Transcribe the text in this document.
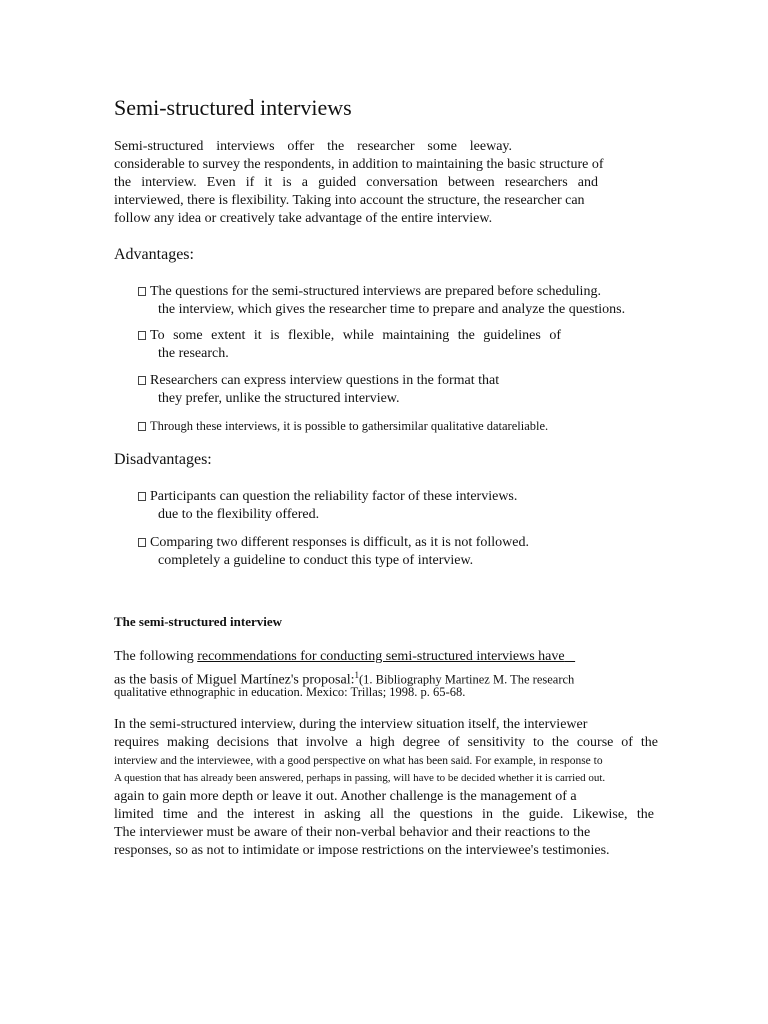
Semi-structured interviews
Semi-structured interviews offer the researcher some leeway.
considerable to survey the respondents, in addition to maintaining the basic structure of
the interview. Even if it is a guided conversation between researchers and
interviewed, there is flexibility. Taking into account the structure, the researcher can
follow any idea or creatively take advantage of the entire interview.
Advantages:
The questions for the semi-structured interviews are prepared before scheduling.
the interview, which gives the researcher time to prepare and analyze the questions.
To some extent it is flexible, while maintaining the guidelines of
the research.
Researchers can express interview questions in the format that
they prefer, unlike the structured interview.
Through these interviews, it is possible to gathersimilar qualitative datareliable.
Disadvantages:
Participants can question the reliability factor of these interviews.
due to the flexibility offered.
Comparing two different responses is difficult, as it is not followed.
completely a guideline to conduct this type of interview.
The semi-structured interview
The following recommendations for conducting semi-structured interviews have
as the basis of Miguel Martínez's proposal:$^1$(1. Bibliography Martinez M. The research
qualitative ethnographic in education. Mexico: Trillas; 1998. p. 65-68.
In the semi-structured interview, during the interview situation itself, the interviewer
requires making decisions that involve a high degree of sensitivity to the course of the
interview and the interviewee, with a good perspective on what has been said. For example, in response to
A question that has already been answered, perhaps in passing, will have to be decided whether it is carried out.
again to gain more depth or leave it out. Another challenge is the management of a
limited time and the interest in asking all the questions in the guide. Likewise, the
The interviewer must be aware of their non-verbal behavior and their reactions to the
responses, so as not to intimidate or impose restrictions on the interviewee's testimonies.
